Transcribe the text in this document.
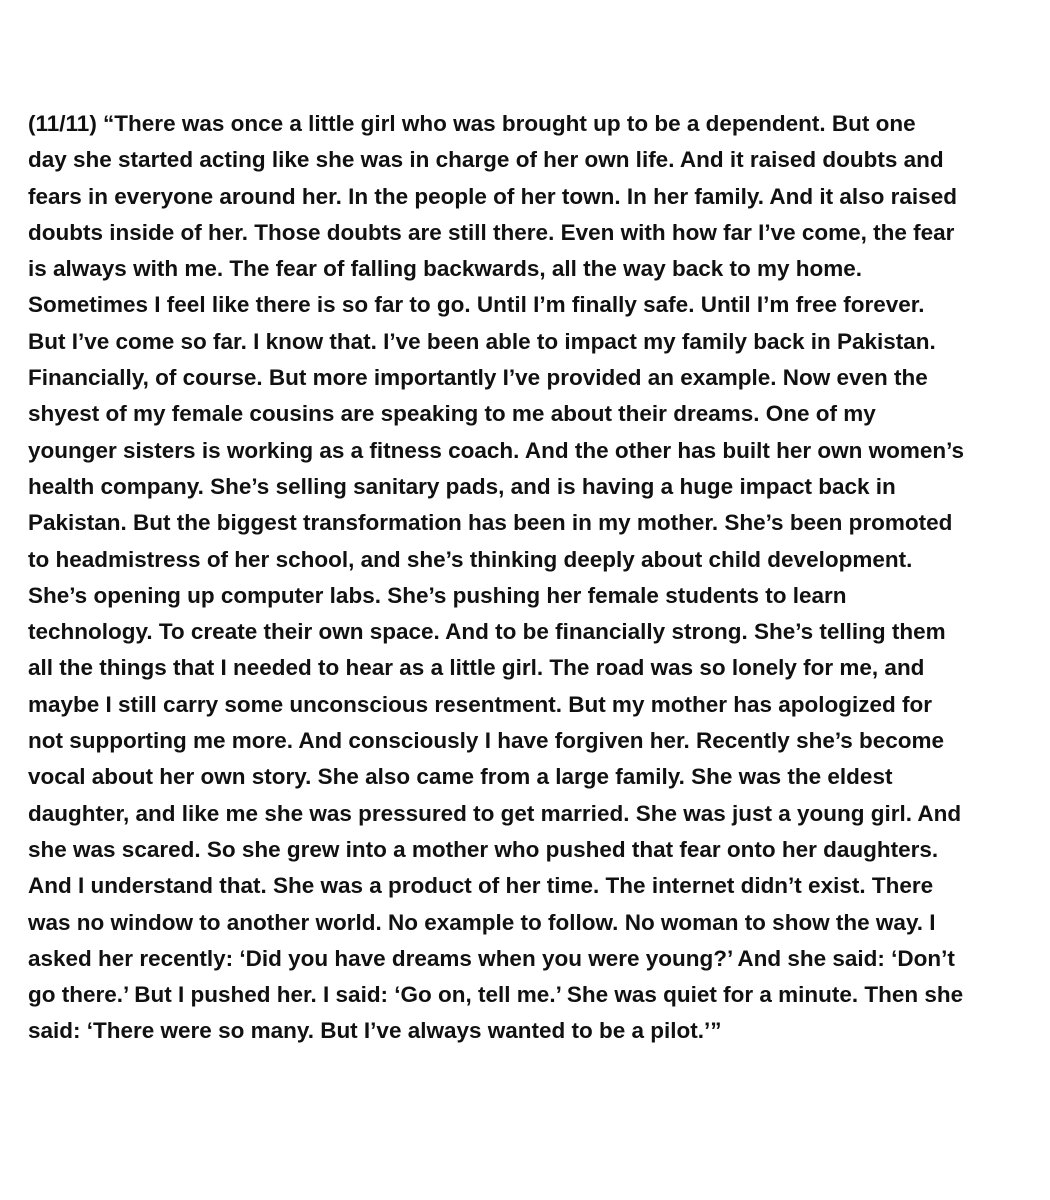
(11/11) “There was once a little girl who was brought up to be a dependent. But one
day she started acting like she was in charge of her own life. And it raised doubts and
fears in everyone around her. In the people of her town. In her family. And it also raised
doubts inside of her. Those doubts are still there. Even with how far I’ve come, the fear
is always with me. The fear of falling backwards, all the way back to my home.
Sometimes I feel like there is so far to go. Until I’m finally safe. Until I’m free forever.
But I’ve come so far. I know that. I’ve been able to impact my family back in Pakistan.
Financially, of course. But more importantly I’ve provided an example. Now even the
shyest of my female cousins are speaking to me about their dreams. One of my
younger sisters is working as a fitness coach. And the other has built her own women’s
health company. She’s selling sanitary pads, and is having a huge impact back in
Pakistan. But the biggest transformation has been in my mother. She’s been promoted
to headmistress of her school, and she’s thinking deeply about child development.
She’s opening up computer labs. She’s pushing her female students to learn
technology. To create their own space. And to be financially strong. She’s telling them
all the things that I needed to hear as a little girl. The road was so lonely for me, and
maybe I still carry some unconscious resentment. But my mother has apologized for
not supporting me more. And consciously I have forgiven her. Recently she’s become
vocal about her own story. She also came from a large family. She was the eldest
daughter, and like me she was pressured to get married. She was just a young girl. And
she was scared. So she grew into a mother who pushed that fear onto her daughters.
And I understand that. She was a product of her time. The internet didn’t exist. There
was no window to another world. No example to follow. No woman to show the way. I
asked her recently: ‘Did you have dreams when you were young?’ And she said: ‘Don’t
go there.’ But I pushed her. I said: ‘Go on, tell me.’ She was quiet for a minute. Then she
said: ‘There were so many. But I’ve always wanted to be a pilot.’”
